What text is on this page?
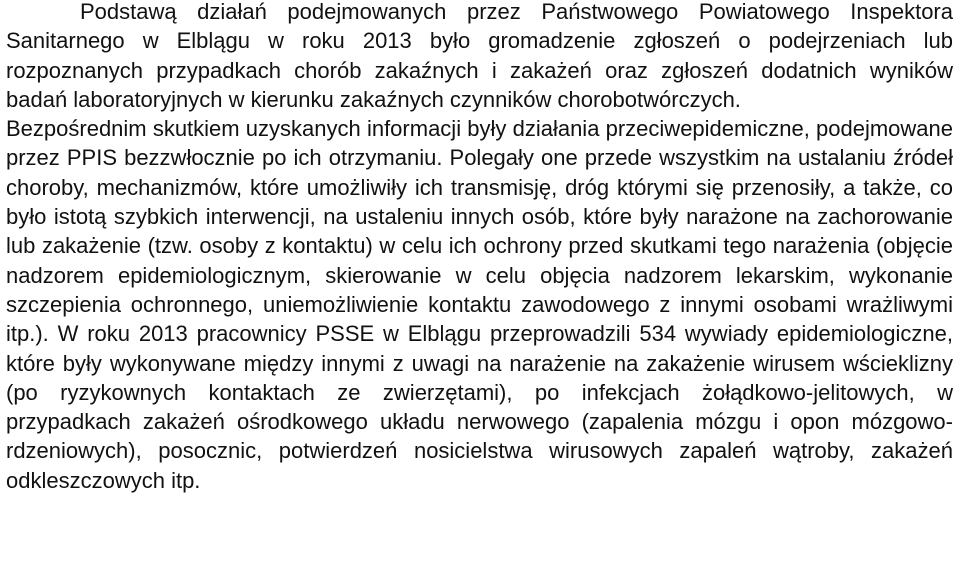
Podstawą działań podejmowanych przez Państwowego Powiatowego Inspektora Sanitarnego w Elblągu w roku 2013 było gromadzenie zgłoszeń o podejrzeniach lub rozpoznanych przypadkach chorób zakaźnych i zakażeń oraz zgłoszeń dodatnich wyników badań laboratoryjnych w kierunku zakaźnych czynników chorobotwórczych.

Bezpośrednim skutkiem uzyskanych informacji były działania przeciwepidemiczne, podejmowane przez PPIS bezzwłocznie po ich otrzymaniu. Polegały one przede wszystkim na ustalaniu źródeł choroby, mechanizmów, które umożliwiły ich transmisję, dróg którymi się przenosiły, a także, co było istotą szybkich interwencji, na ustaleniu innych osób, które były narażone na zachorowanie lub zakażenie (tzw. osoby z kontaktu) w celu ich ochrony przed skutkami tego narażenia (objęcie nadzorem epidemiologicznym, skierowanie w celu objęcia nadzorem lekarskim, wykonanie szczepienia ochronnego, uniemożliwienie kontaktu zawodowego z innymi osobami wrażliwymi itp.). W roku 2013 pracownicy PSSE w Elblągu przeprowadzili 534 wywiady epidemiologiczne, które były wykonywane między innymi z uwagi na narażenie na zakażenie wirusem wścieklizny (po ryzykownych kontaktach ze zwierzętami), po infekcjach żołądkowo-jelitowych, w przypadkach zakażeń ośrodkowego układu nerwowego (zapalenia mózgu i opon mózgowo-rdzeniowych), posocznic, potwierdzeń nosicielstwa wirusowych zapaleń wątroby, zakażeń odkleszczowych itp.
